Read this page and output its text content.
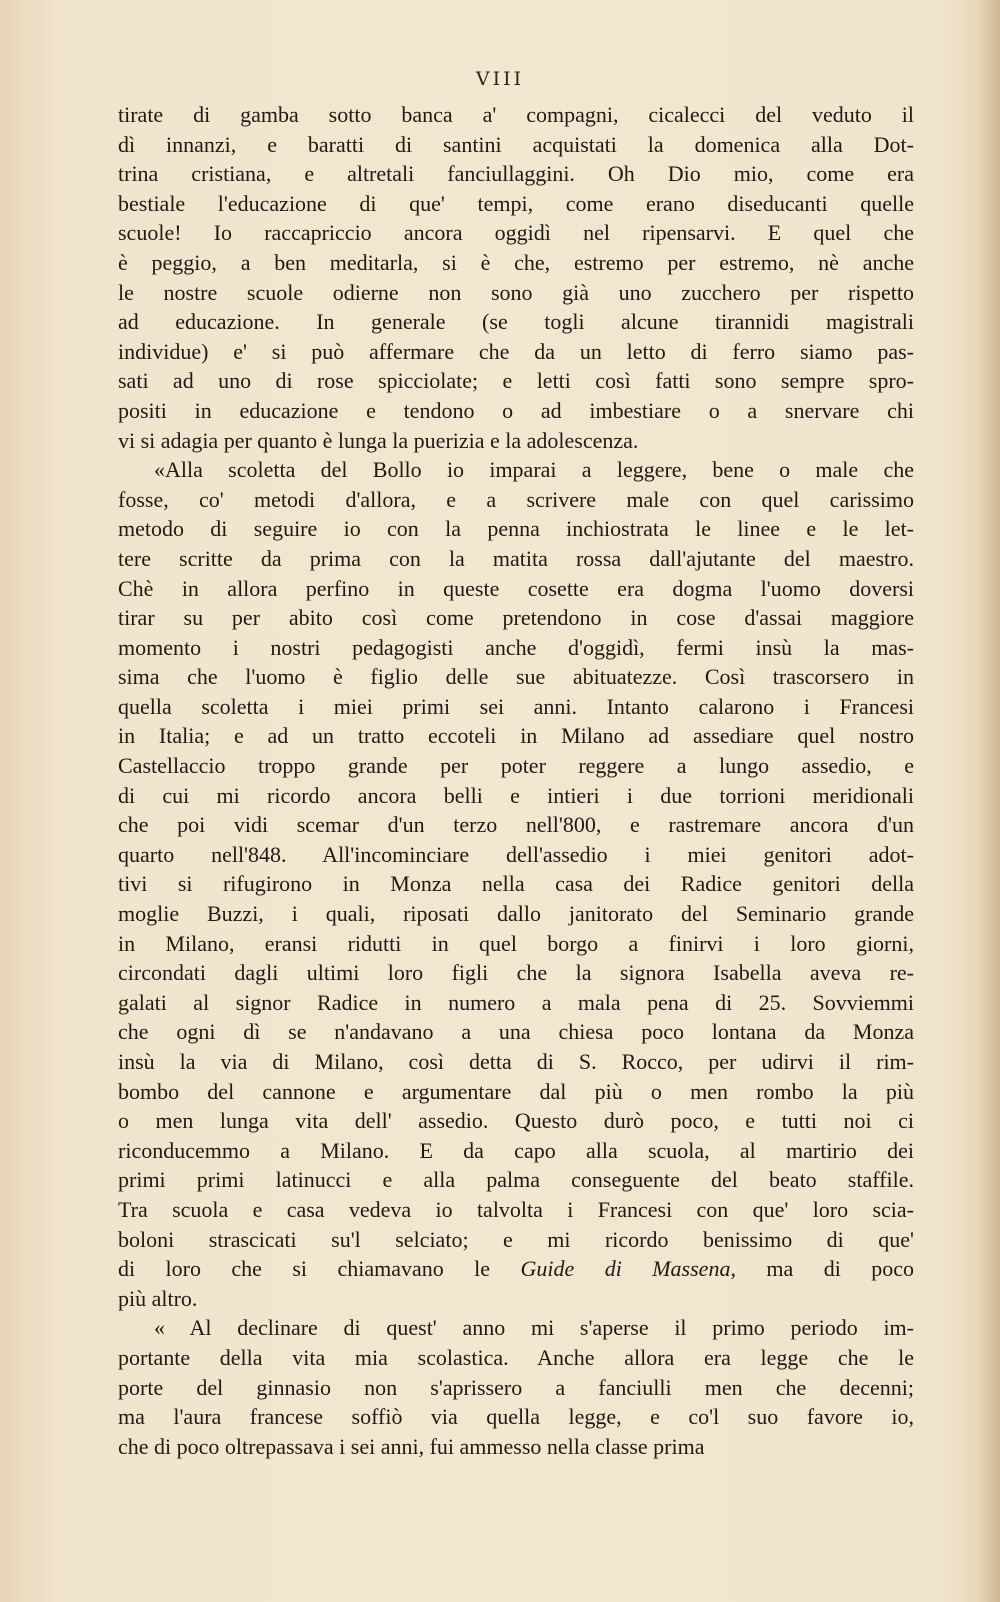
VIII
tirate di gamba sotto banca a' compagni, cicalecci del veduto il
dì innanzi, e baratti di santini acquistati la domenica alla Dot-
trina cristiana, e altretali fanciullaggini. Oh Dio mio, come era
bestiale l'educazione di que' tempi, come erano diseducanti quelle
scuole! Io raccapriccio ancora oggidì nel ripensarvi. E quel che
è peggio, a ben meditarla, si è che, estremo per estremo, nè anche
le nostre scuole odierne non sono già uno zucchero per rispetto
ad educazione. In generale (se togli alcune tirannidi magistrali
individue) e' si può affermare che da un letto di ferro siamo pas-
sati ad uno di rose spicciolate; e letti così fatti sono sempre spro-
positi in educazione e tendono o ad imbestiare o a snervare chi
vi si adagia per quanto è lunga la puerizia e la adolescenza.
«Alla scoletta del Bollo io imparai a leggere, bene o male che
fosse, co' metodi d'allora, e a scrivere male con quel carissimo
metodo di seguire io con la penna inchiostrata le linee e le let-
tere scritte da prima con la matita rossa dall'ajutante del maestro.
Chè in allora perfino in queste cosette era dogma l'uomo doversi
tirar su per abito così come pretendono in cose d'assai maggiore
momento i nostri pedagogisti anche d'oggidì, fermi insù la mas-
sima che l'uomo è figlio delle sue abituatezze. Così trascorsero in
quella scoletta i miei primi sei anni. Intanto calarono i Francesi
in Italia; e ad un tratto eccoteli in Milano ad assediare quel nostro
Castellaccio troppo grande per poter reggere a lungo assedio, e
di cui mi ricordo ancora belli e intieri i due torrioni meridionali
che poi vidi scemar d'un terzo nell'800, e rastremare ancora d'un
quarto nell'848. All'incominciare dell'assedio i miei genitori adot-
tivi si rifugirono in Monza nella casa dei Radice genitori della
moglie Buzzi, i quali, riposati dallo janitorato del Seminario grande
in Milano, eransi ridutti in quel borgo a finirvi i loro giorni,
circondati dagli ultimi loro figli che la signora Isabella aveva re-
galati al signor Radice in numero a mala pena di 25. Sovviemmi
che ogni dì se n'andavano a una chiesa poco lontana da Monza
insù la via di Milano, così detta di S. Rocco, per udirvi il rim-
bombo del cannone e argumentare dal più o men rombo la più
o men lunga vita dell' assedio. Questo durò poco, e tutti noi ci
riconducemmo a Milano. E da capo alla scuola, al martirio dei
primi primi latinucci e alla palma conseguente del beato staffile.
Tra scuola e casa vedeva io talvolta i Francesi con que' loro scia-
boloni strascicati su'l selciato; e mi ricordo benissimo di que'
di loro che si chiamavano le Guide di Massena, ma di poco
più altro.
« Al declinare di quest' anno mi s'aperse il primo periodo im-
portante della vita mia scolastica. Anche allora era legge che le
porte del ginnasio non s'aprissero a fanciulli men che decenni;
ma l'aura francese soffiò via quella legge, e co'l suo favore io,
che di poco oltrepassava i sei anni, fui ammesso nella classe prima
